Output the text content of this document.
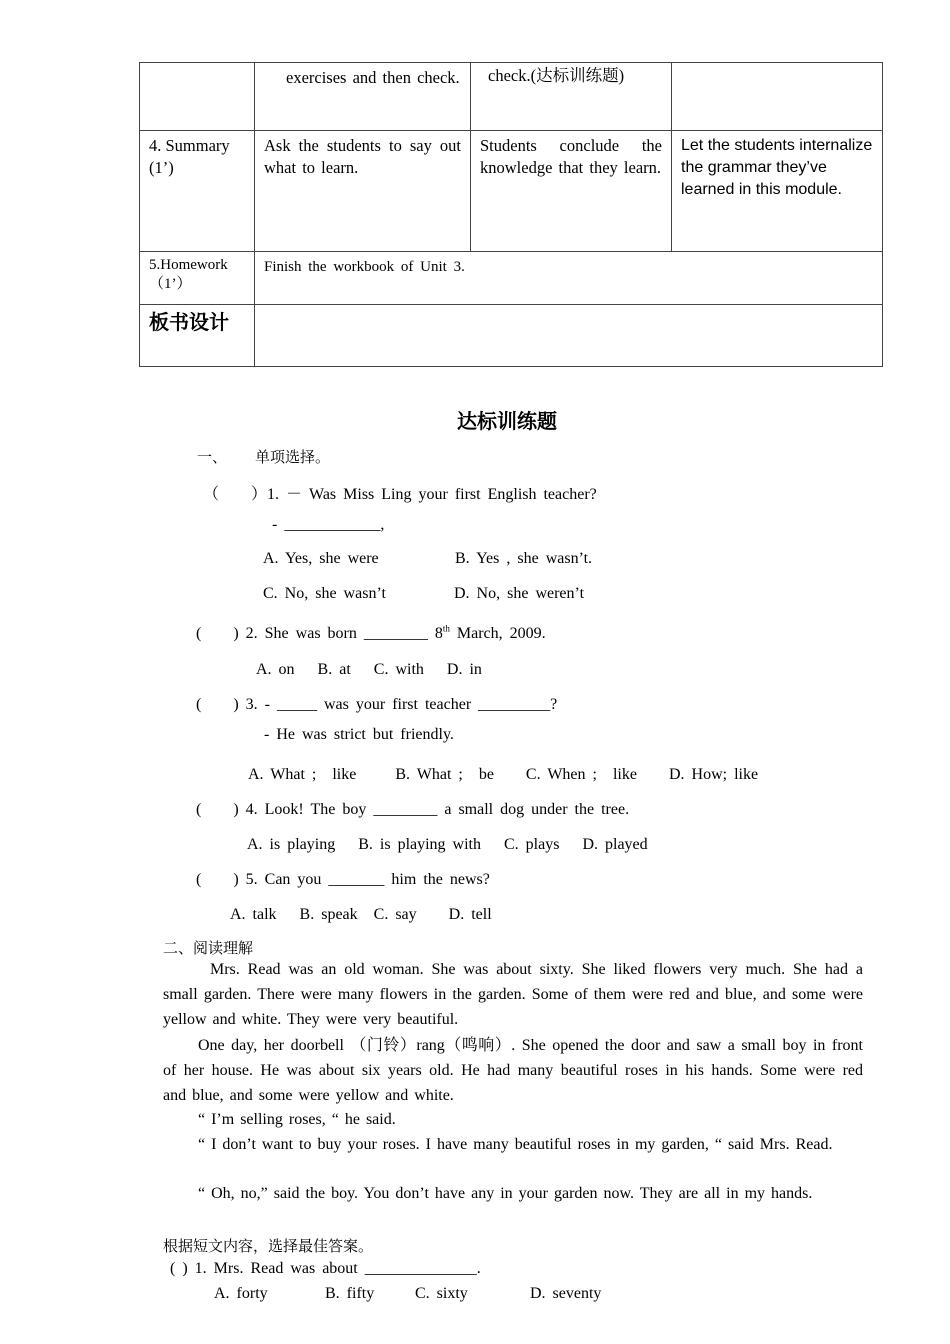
	exercises and then check.	check.(达标训练题)	
4. Summary (1’)	Ask the students to say out what to learn.	Students conclude the knowledge that they learn.	Let the students internalize the grammar they’ve learned in this module.
5.Homework （1’）	Finish the workbook of Unit 3.		
板书设计			
达标训练题
一、 单项选择。
（　　）1. － Was Miss Ling your first English teacher?
- ____________,
A. Yes, she were	B. Yes , she wasn’t.
C. No, she wasn’t	D. No, she weren’t
(　　) 2. She was born ________ 8th March, 2009.
A. on　 B. at　 C. with　 D. in
(　　) 3. - _____ was your first teacher _________?
- He was strict but friendly.
A. What ;　like　　 B. What ;　be　　C. When ;　like　　D. How; like
(　　) 4. Look! The boy ________ a small dog under the tree.
A. is playing　 B. is playing with　 C. plays　 D. played
(　　) 5. Can you _______ him the news?
A. talk　 B. speak　C. say　　D. tell
二、阅读理解
Mrs. Read was an old woman. She was about sixty. She liked flowers very much. She had a small garden. There were many flowers in the garden. Some of them were red and blue, and some were yellow and white. They were very beautiful.
One day, her doorbell （门铃）rang（鸣响）. She opened the door and saw a small boy in front of her house. He was about six years old. He had many beautiful roses in his hands. Some were red and blue, and some were yellow and white.
“ I’m selling roses, “ he said.
“ I don’t want to buy your roses. I have many beautiful roses in my garden, “ said Mrs. Read.
“ Oh, no,” said the boy. You don’t have any in your garden now. They are all in my hands.
根据短文内容，选择最佳答案。
( ) 1. Mrs. Read was about ______________.
A. forty	B. fifty	C. sixty	D. seventy
